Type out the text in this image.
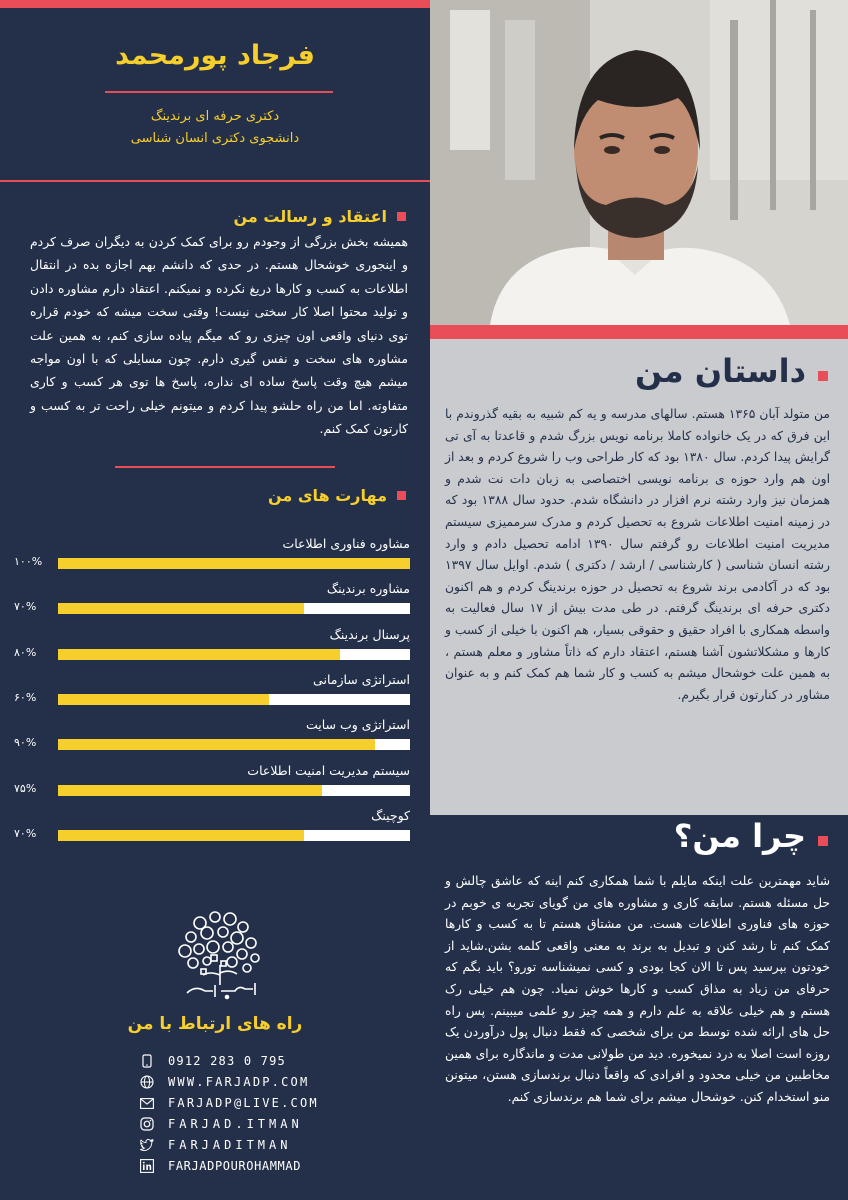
فرجاد پورمحمد
دکتری حرفه ای برندینگ
دانشجوی دکتری انسان شناسی
اعتقاد و رسالت من

همیشه بخش بزرگی از وجودم رو برای کمک کردن به دیگران صرف کردم و اینجوری خوشحال هستم. در حدی که دانشم بهم اجازه بده در انتقال اطلاعات به کسب و کارها دریغ نکرده و نمیکنم. اعتقاد دارم مشاوره دادن و تولید محتوا اصلا کار سختی نیست! وقتی سخت میشه که خودم قراره توی دنیای واقعی اون چیزی رو که میگم پیاده سازی کنم، به همین علت مشاوره های سخت و نفس گیری دارم. چون مسایلی که با اون مواجه میشم هیچ وقت پاسخ ساده ای نداره، پاسخ ها توی هر کسب و کاری متفاوته. اما من راه حلشو پیدا کردم و میتونم خیلی راحت تر به کسب و کارتون کمک کنم.

مهارت های من
مشاوره فناوری اطلاعات
۱۰۰%
مشاوره برندینگ
۷۰%
پرسنال برندینگ
۸۰%
استراتژی سازمانی
۶۰%
استراتژی وب سایت
۹۰%
سیستم مدیریت امنیت اطلاعات
۷۵%
کوچینگ
۷۰%
راه های ارتباط با من
0912 283 0 795
WWW.FARJADP.COM
FARJADP@LIVE.COM
FARJAD.ITMAN
FARJADITMAN
FARJADPOUROHAMMAD
داستان من

من متولد آبان ۱۳۶۵ هستم. سالهای مدرسه و یه کم شبیه به بقیه گذروندم با این فرق که در یک خانواده کاملا برنامه نویس بزرگ شدم و قاعدتا به آی تی گرایش پیدا کردم. سال ۱۳۸۰ بود که کار طراحی وب را شروع کردم و بعد از اون هم وارد حوزه ی برنامه نویسی اختصاصی به زبان دات نت شدم و همزمان نیز وارد رشته نرم افزار در دانشگاه شدم. حدود سال ۱۳۸۸ بود که در زمینه امنیت اطلاعات شروع به تحصیل کردم و مدرک سرممیزی سیستم مدیریت امنیت اطلاعات رو گرفتم سال ۱۳۹۰ ادامه تحصیل دادم و وارد رشته انسان شناسی ( کارشناسی / ارشد / دکتری ) شدم. اوایل سال ۱۳۹۷ بود که در آکادمی برند شروع به تحصیل در حوزه برندینگ کردم و هم اکنون دکتری حرفه ای برندینگ گرفتم. در طی مدت بیش از ۱۷ سال فعالیت به واسطه همکاری با افراد حقیق و حقوقی بسیار، هم اکنون با خیلی از کسب و کارها و مشکلاتشون آشنا هستم، اعتقاد دارم که ذاتاً مشاور و معلم هستم ، به همین علت خوشحال میشم به کسب و کار شما هم کمک کنم و به عنوان مشاور در کنارتون قرار بگیرم.

چرا من؟

شاید مهمترین علت اینکه مایلم با شما همکاری کنم اینه که عاشق چالش و حل مسئله هستم. سابقه کاری و مشاوره های من گویای تجربه ی خوبم در حوزه های فناوری اطلاعات هست. من مشتاق هستم تا به کسب و کارها کمک کنم تا رشد کنن و تبدیل به برند به معنی واقعی کلمه بشن.شاید از خودتون بپرسید پس تا الان کجا بودی و کسی نمیشناسه تورو؟ باید بگم که حرفای من زیاد به مذاق کسب و کارها خوش نمیاد. چون هم خیلی رک هستم و هم خیلی علاقه به علم دارم و همه چیز رو علمی میبینم. پس راه حل های ارائه شده توسط من برای شخصی که فقط دنبال پول درآوردن یک روزه است اصلا به درد نمیخوره. دید من طولانی مدت و ماندگاره برای همین مخاطبین من خیلی محدود و افرادی که واقعاً دنبال برندسازی هستن، میتونن منو استخدام کنن. خوشحال میشم برای شما هم برندسازی کنم.
